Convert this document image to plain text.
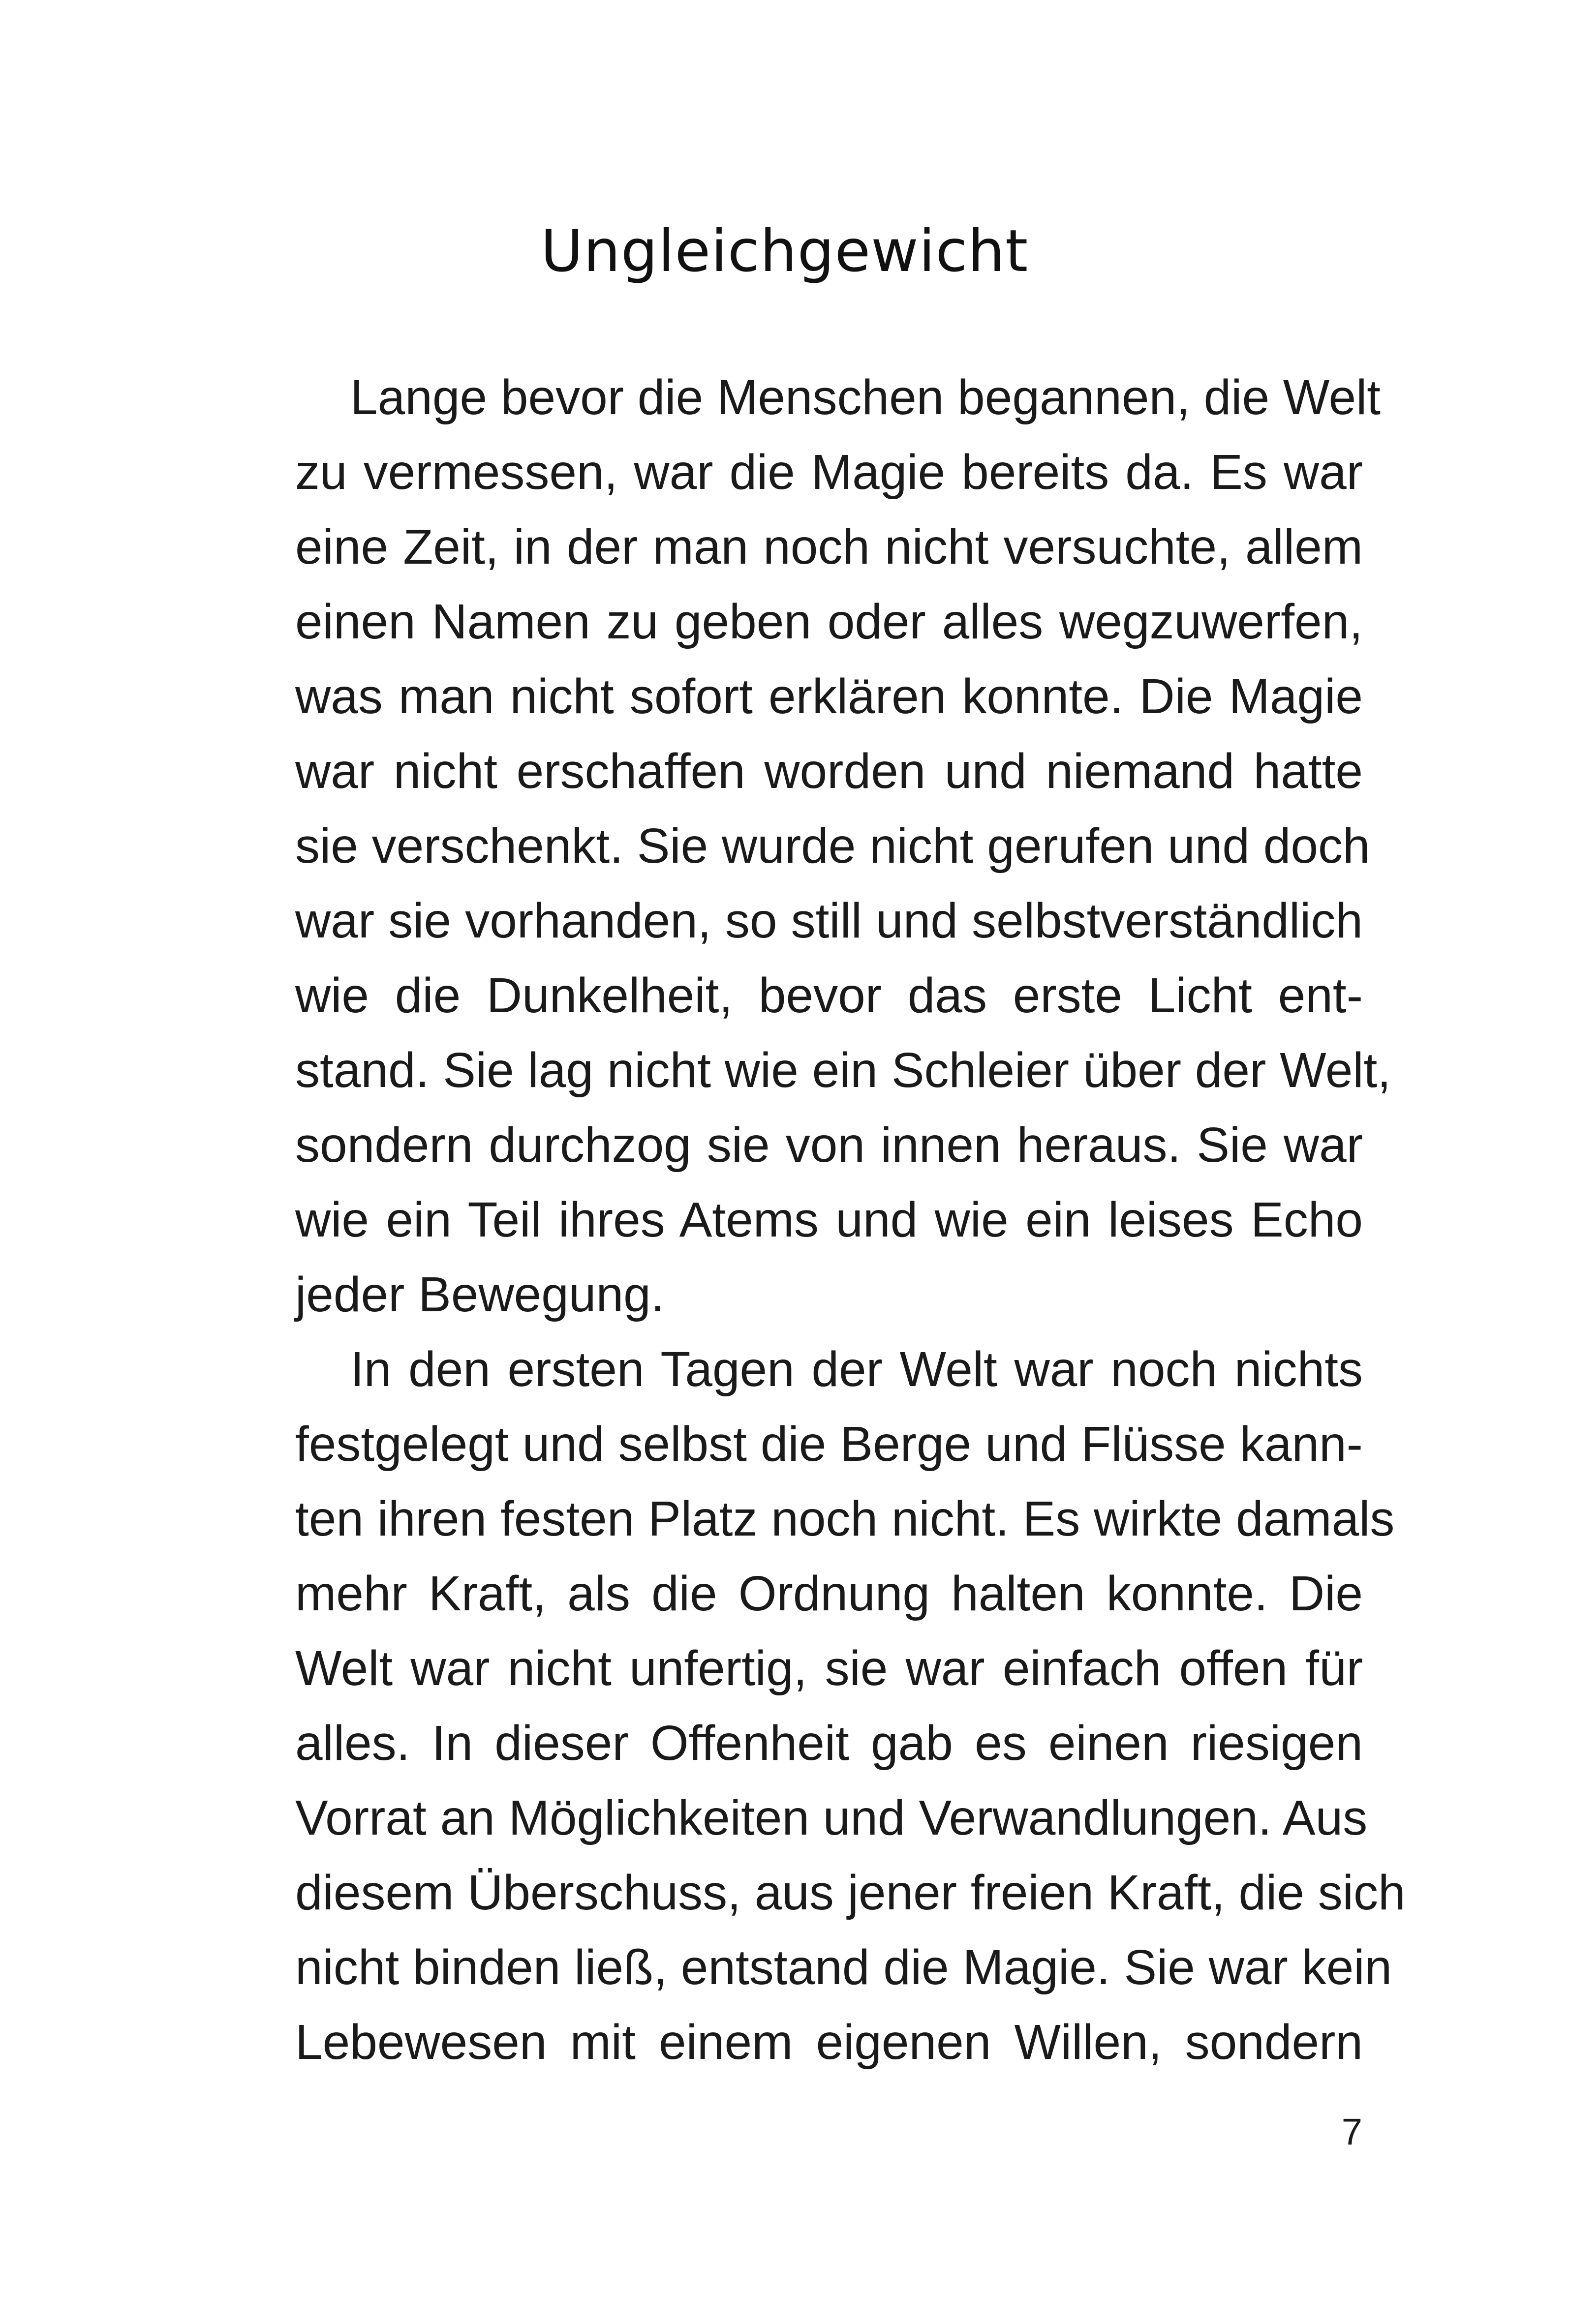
Ungleichgewicht

Lange bevor die Menschen begannen, die Welt
zu vermessen, war die Magie bereits da. Es war
eine Zeit, in der man noch nicht versuchte, allem
einen Namen zu geben oder alles wegzuwerfen,
was man nicht sofort erklären konnte. Die Magie
war nicht erschaffen worden und niemand hatte
sie verschenkt. Sie wurde nicht gerufen und doch
war sie vorhanden, so still und selbstverständlich
wie die Dunkelheit, bevor das erste Licht ent-
stand. Sie lag nicht wie ein Schleier über der Welt,
sondern durchzog sie von innen heraus. Sie war
wie ein Teil ihres Atems und wie ein leises Echo
jeder Bewegung.

In den ersten Tagen der Welt war noch nichts
festgelegt und selbst die Berge und Flüsse kann-
ten ihren festen Platz noch nicht. Es wirkte damals
mehr Kraft, als die Ordnung halten konnte. Die
Welt war nicht unfertig, sie war einfach offen für
alles. In dieser Offenheit gab es einen riesigen
Vorrat an Möglichkeiten und Verwandlungen. Aus
diesem Überschuss, aus jener freien Kraft, die sich
nicht binden ließ, entstand die Magie. Sie war kein
Lebewesen mit einem eigenen Willen, sondern

7
